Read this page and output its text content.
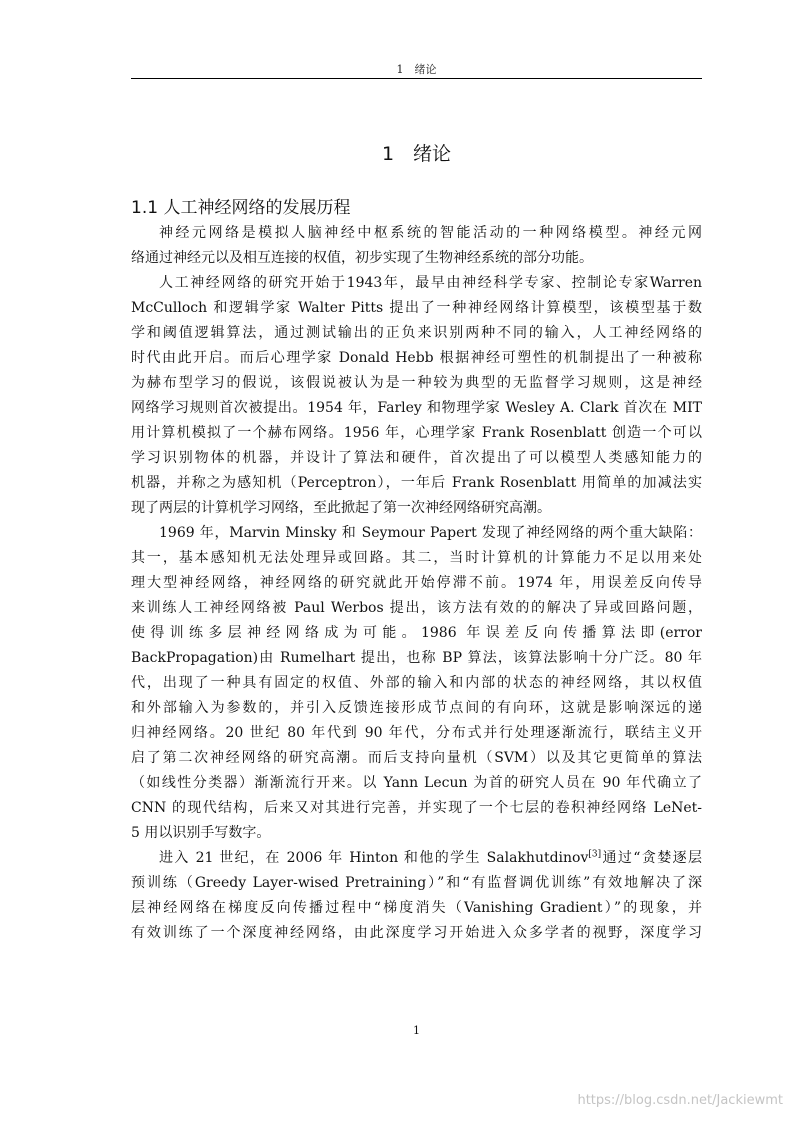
1　绪论
1　绪论
1.1 人工神经网络的发展历程
神经元网络是模拟人脑神经中枢系统的智能活动的一种网络模型。神经元网
络通过神经元以及相互连接的权值，初步实现了生物神经系统的部分功能。
人工神经网络的研究开始于1943年，最早由神经科学专家、控制论专家Warren
McCulloch 和逻辑学家 Walter Pitts 提出了一种神经网络计算模型，该模型基于数
学和阈值逻辑算法，通过测试输出的正负来识别两种不同的输入，人工神经网络的
时代由此开启。而后心理学家 Donald Hebb 根据神经可塑性的机制提出了一种被称
为赫布型学习的假说，该假说被认为是一种较为典型的无监督学习规则，这是神经
网络学习规则首次被提出。1954 年，Farley 和物理学家 Wesley A. Clark 首次在 MIT
用计算机模拟了一个赫布网络。1956 年，心理学家 Frank Rosenblatt 创造一个可以
学习识别物体的机器，并设计了算法和硬件，首次提出了可以模型人类感知能力的
机器，并称之为感知机（Perceptron），一年后 Frank Rosenblatt 用简单的加减法实
现了两层的计算机学习网络，至此掀起了第一次神经网络研究高潮。
1969 年，Marvin Minsky 和 Seymour Papert 发现了神经网络的两个重大缺陷：
其一，基本感知机无法处理异或回路。其二，当时计算机的计算能力不足以用来处
理大型神经网络，神经网络的研究就此开始停滞不前。1974 年，用误差反向传导
来训练人工神经网络被 Paul Werbos 提出，该方法有效的的解决了异或回路问题，
使得训练多层神经网络成为可能。1986 年误差反向传播算法即(error
BackPropagation)由 Rumelhart 提出，也称 BP 算法，该算法影响十分广泛。80 年
代，出现了一种具有固定的权值、外部的输入和内部的状态的神经网络，其以权值
和外部输入为参数的，并引入反馈连接形成节点间的有向环，这就是影响深远的递
归神经网络。20 世纪 80 年代到 90 年代，分布式并行处理逐渐流行，联结主义开
启了第二次神经网络的研究高潮。而后支持向量机（SVM）以及其它更简单的算法
（如线性分类器）渐渐流行开来。以 Yann Lecun 为首的研究人员在 90 年代确立了
CNN 的现代结构，后来又对其进行完善，并实现了一个七层的卷积神经网络 LeNet-
5 用以识别手写数字。
进入 21 世纪，在 2006 年 Hinton 和他的学生 Salakhutdinov[3]通过“贪婪逐层
预训练（Greedy Layer-wised Pretraining）”和“有监督调优训练”有效地解决了深
层神经网络在梯度反向传播过程中“梯度消失（Vanishing Gradient）”的现象，并
有效训练了一个深度神经网络，由此深度学习开始进入众多学者的视野，深度学习
1
https://blog.csdn.net/Jackiewmt
